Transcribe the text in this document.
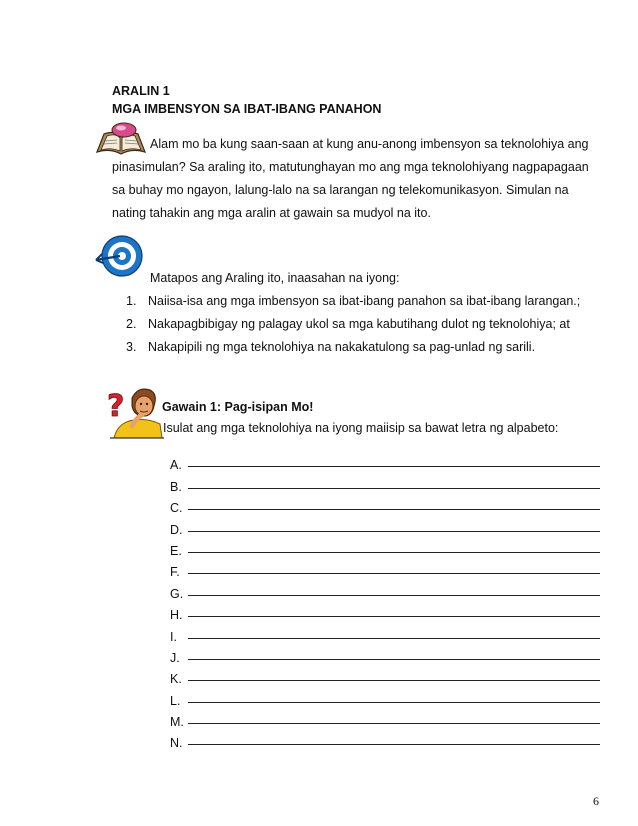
ARALIN 1
MGA IMBENSYON SA IBAT-IBANG PANAHON
Alam mo ba kung saan-saan at kung anu-anong imbensyon sa teknolohiya ang
pinasimulan? Sa araling ito, matutunghayan mo ang mga teknolohiyang nagpapagaan
sa buhay mo ngayon, lalung-lalo na sa larangan ng telekomunikasyon. Simulan na
nating tahakin ang mga aralin at gawain sa mudyol na ito.
Matapos ang Araling ito, inaasahan na iyong:
1. Naiisa-isa ang mga imbensyon sa ibat-ibang panahon sa ibat-ibang larangan.;
2. Nakapagbibigay ng palagay ukol sa mga kabutihang dulot ng teknolohiya; at
3. Nakapipili ng mga teknolohiya na nakakatulong sa pag-unlad ng sarili.
?	Gawain 1: Pag-isipan Mo!
Isulat ang mga teknolohiya na iyong maiisip sa bawat letra ng alpabeto:
A.
B.
C.
D.
E.
F.
G.
H.
I.
J.
K.
L.
M.
N.
6
